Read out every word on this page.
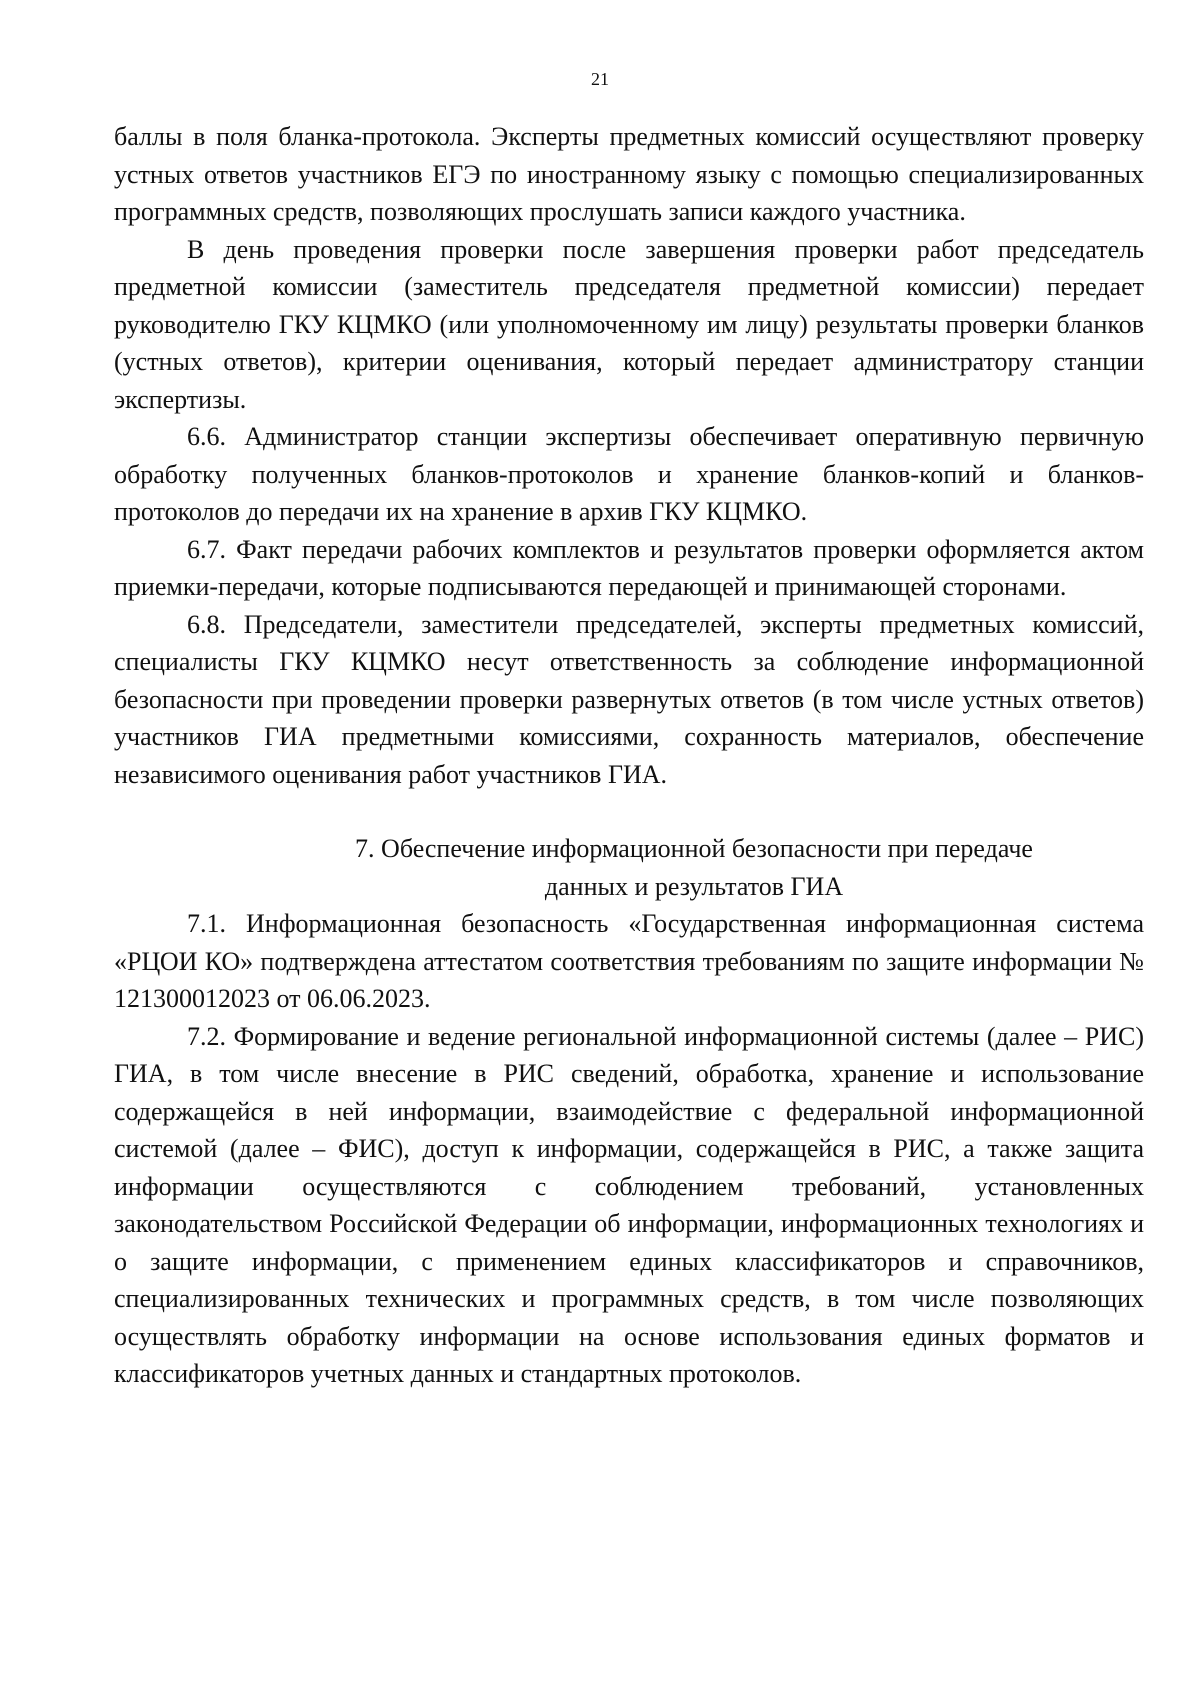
21

баллы в поля бланка-протокола. Эксперты предметных комиссий осуществляют проверку устных ответов участников ЕГЭ по иностранному языку с помощью специализированных программных средств, позволяющих прослушать записи каждого участника.

В день проведения проверки после завершения проверки работ председатель предметной комиссии (заместитель председателя предметной комиссии) передает руководителю ГКУ КЦМКО (или уполномоченному им лицу) результаты проверки бланков (устных ответов), критерии оценивания, который передает администратору станции экспертизы.

6.6. Администратор станции экспертизы обеспечивает оперативную первичную обработку полученных бланков-протоколов и хранение бланков-копий и бланков-протоколов до передачи их на хранение в архив ГКУ КЦМКО.

6.7. Факт передачи рабочих комплектов и результатов проверки оформляется актом приемки-передачи, которые подписываются передающей и принимающей сторонами.

6.8. Председатели, заместители председателей, эксперты предметных комиссий, специалисты ГКУ КЦМКО несут ответственность за соблюдение информационной безопасности при проведении проверки развернутых ответов (в том числе устных ответов) участников ГИА предметными комиссиями, сохранность материалов, обеспечение независимого оценивания работ участников ГИА.

7. Обеспечение информационной безопасности при передаче
данных и результатов ГИА

7.1. Информационная безопасность «Государственная информационная система «РЦОИ КО» подтверждена аттестатом соответствия требованиям по защите информации № 121300012023 от 06.06.2023.

7.2. Формирование и ведение региональной информационной системы (далее – РИС) ГИА, в том числе внесение в РИС сведений, обработка, хранение и использование содержащейся в ней информации, взаимодействие с федеральной информационной системой (далее – ФИС), доступ к информации, содержащейся в РИС, а также защита информации осуществляются с соблюдением требований, установленных законодательством Российской Федерации об информации, информационных технологиях и о защите информации, с применением единых классификаторов и справочников, специализированных технических и программных средств, в том числе позволяющих осуществлять обработку информации на основе использования единых форматов и классификаторов учетных данных и стандартных протоколов.
